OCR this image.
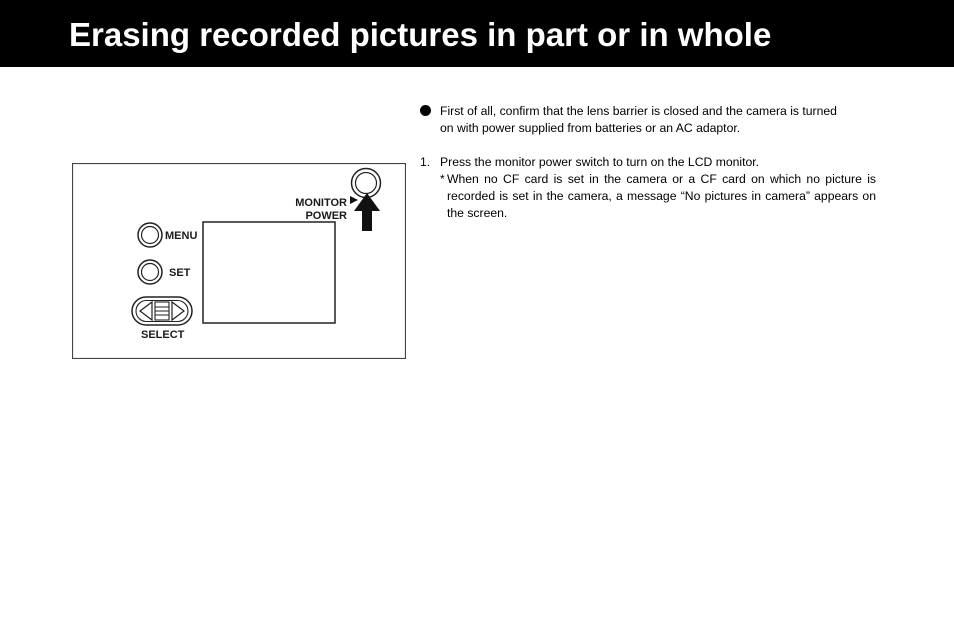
Erasing recorded pictures in part or in whole
MONITOR
POWER
MENU
SET
SELECT
First of all, confirm that the lens barrier is closed and the camera is turned
on with power supplied from batteries or an AC adaptor.
1. Press the monitor power switch to turn on the LCD monitor.
* When no CF card is set in the camera or a CF card on which no picture is recorded is set in the camera, a message “No pictures in camera” appears on the screen.
